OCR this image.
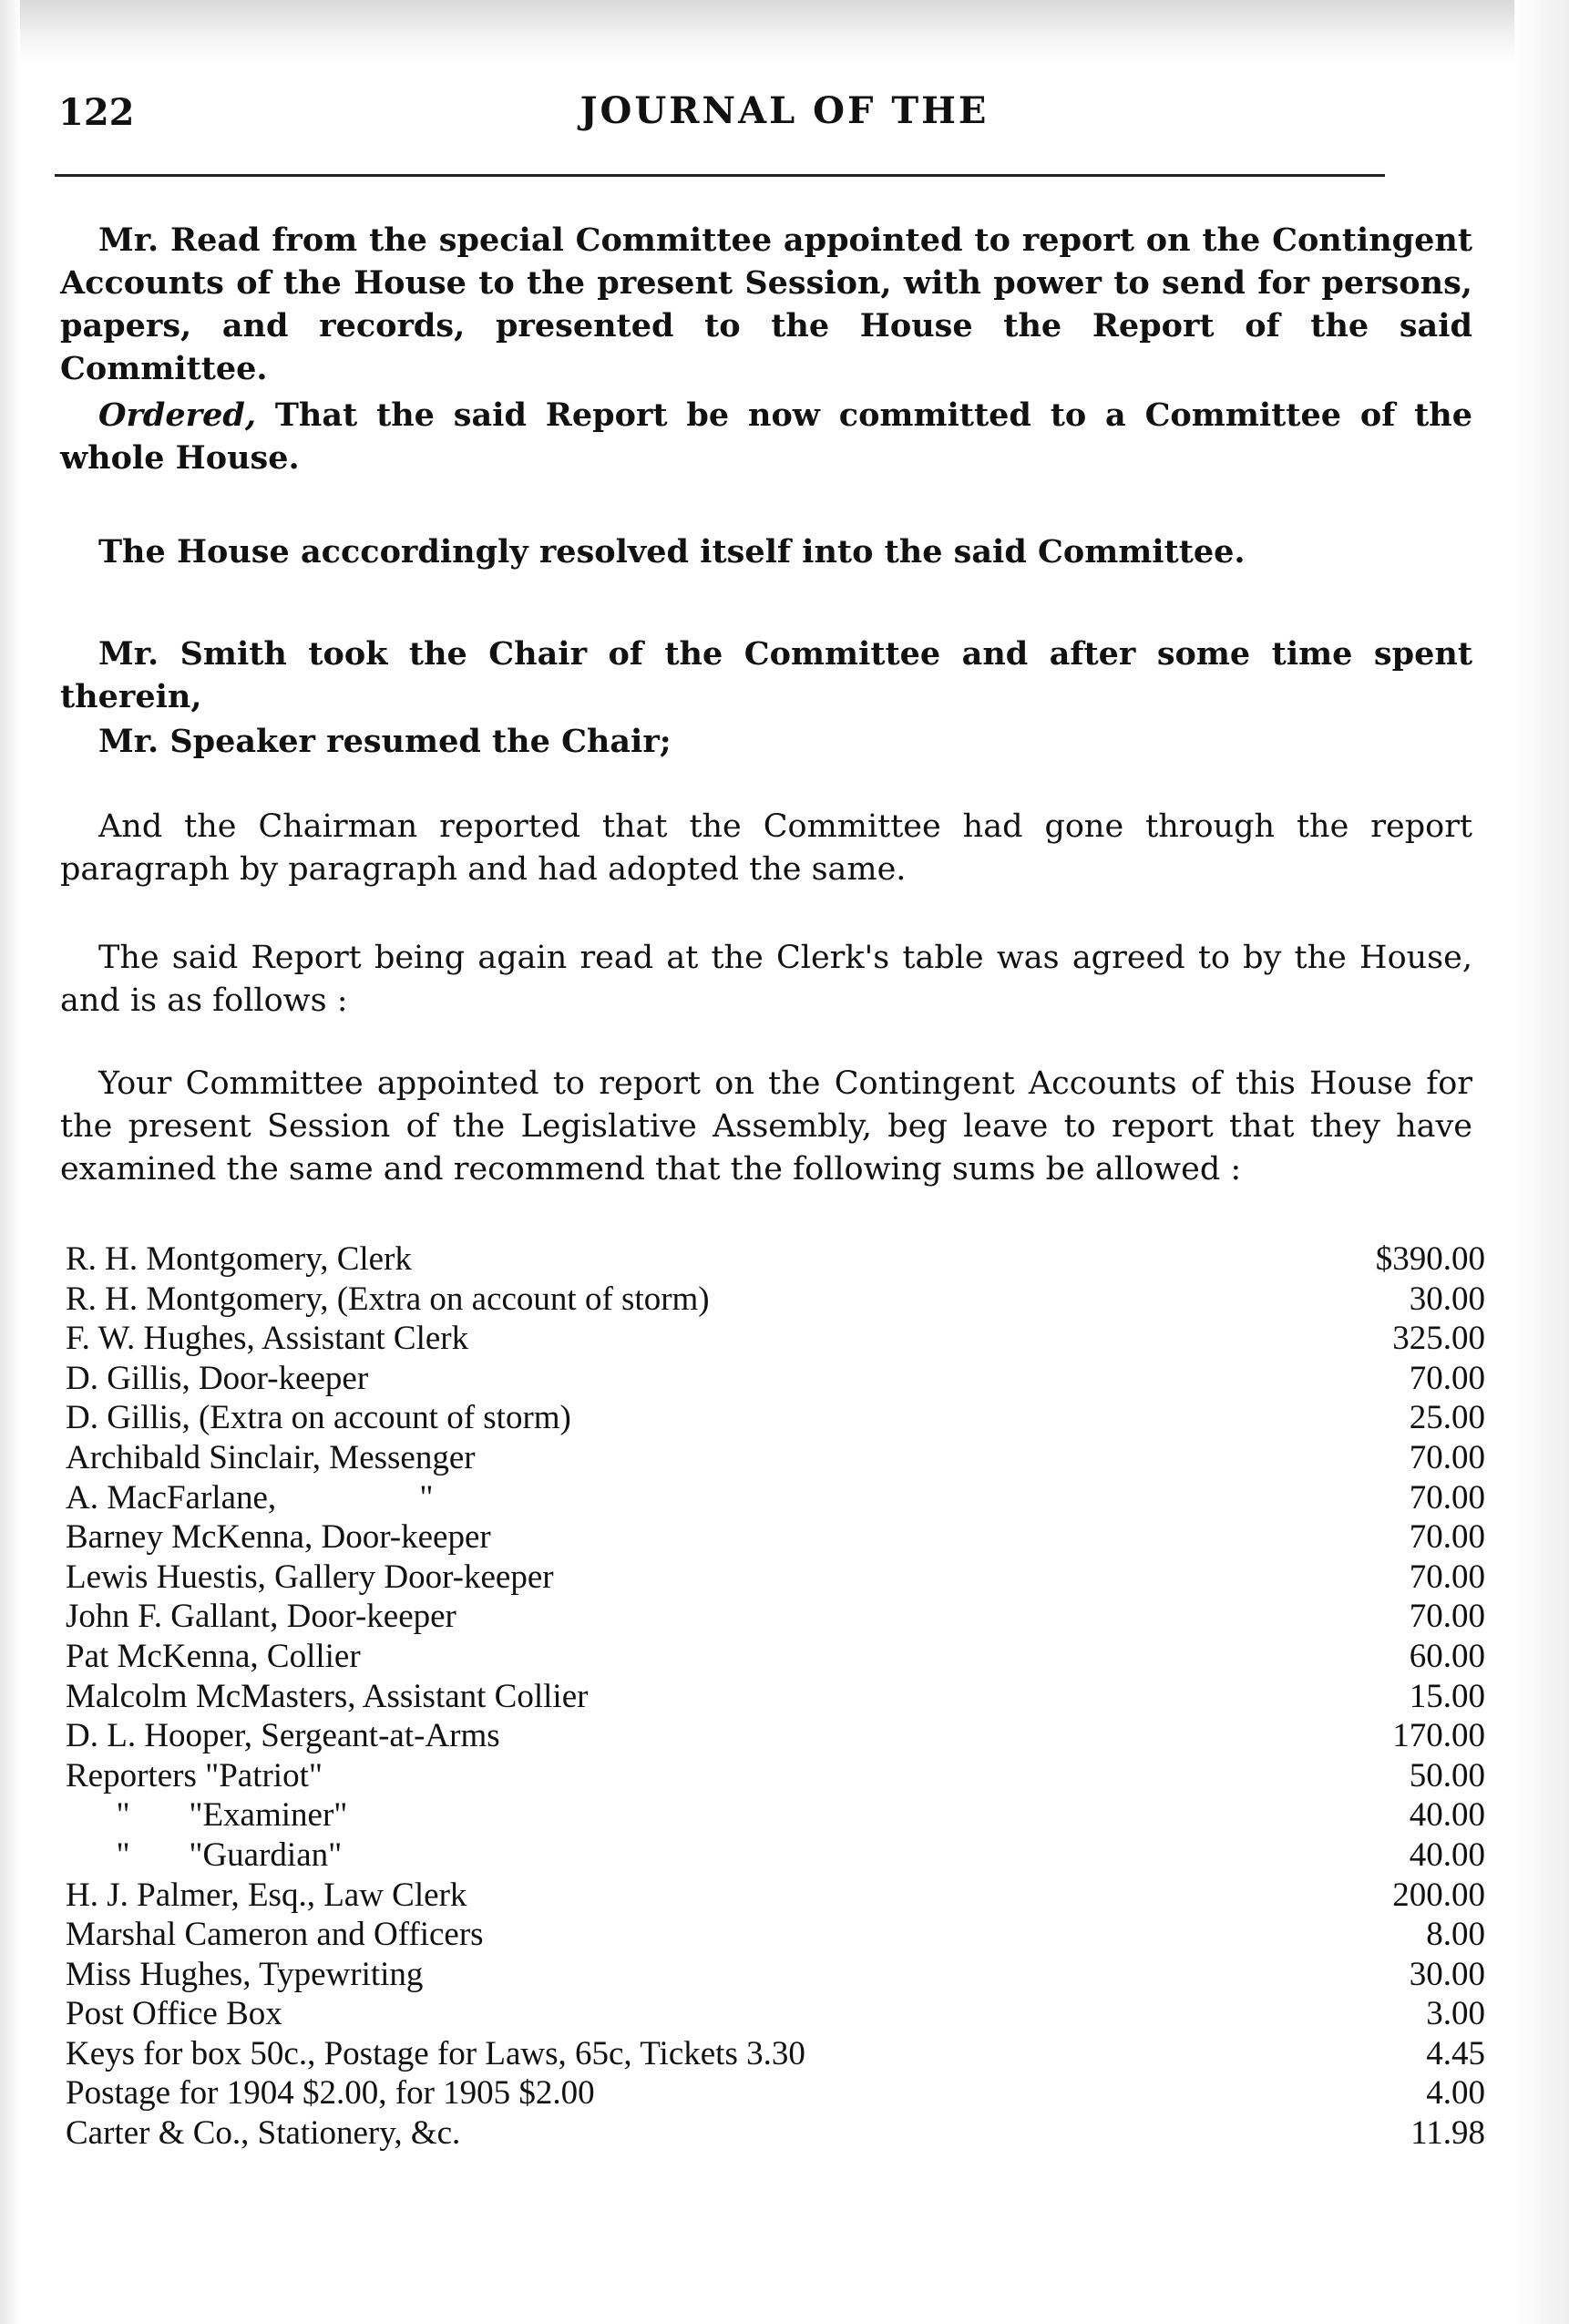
122	JOURNAL OF THE
Mr. Read from the special Committee appointed to report on the Contingent Accounts of the House to the present Session, with power to send for persons, papers, and records, presented to the House the Report of the said Committee.
Ordered, That the said Report be now committed to a Committee of the whole House.
The House acccordingly resolved itself into the said Committee.
Mr. Smith took the Chair of the Committee and after some time spent therein,
Mr. Speaker resumed the Chair;
And the Chairman reported that the Committee had gone through the report paragraph by paragraph and had adopted the same.
The said Report being again read at the Clerk's table was agreed to by the House, and is as follows :
Your Committee appointed to report on the Contingent Accounts of this House for the present Session of the Legislative Assembly, beg leave to report that they have examined the same and recommend that the following sums be allowed :
R. H. Montgomery, Clerk	$390.00
R. H. Montgomery, (Extra on account of storm)	30.00
F. W. Hughes, Assistant Clerk	325.00
D. Gillis, Door-keeper	70.00
D. Gillis, (Extra on account of storm)	25.00
Archibald Sinclair, Messenger	70.00
A. MacFarlane,                 "	70.00
Barney McKenna, Door-keeper	70.00
Lewis Huestis, Gallery Door-keeper	70.00
John F. Gallant, Door-keeper	70.00
Pat McKenna, Collier	60.00
Malcolm McMasters, Assistant Collier	15.00
D. L. Hooper, Sergeant-at-Arms	170.00
Reporters "Patriot"	50.00
"       "Examiner"	40.00
"       "Guardian"	40.00
H. J. Palmer, Esq., Law Clerk	200.00
Marshal Cameron and Officers	8.00
Miss Hughes, Typewriting	30.00
Post Office Box	3.00
Keys for box 50c., Postage for Laws, 65c, Tickets 3.30	4.45
Postage for 1904 $2.00, for 1905 $2.00	4.00
Carter & Co., Stationery, &c.	11.98
